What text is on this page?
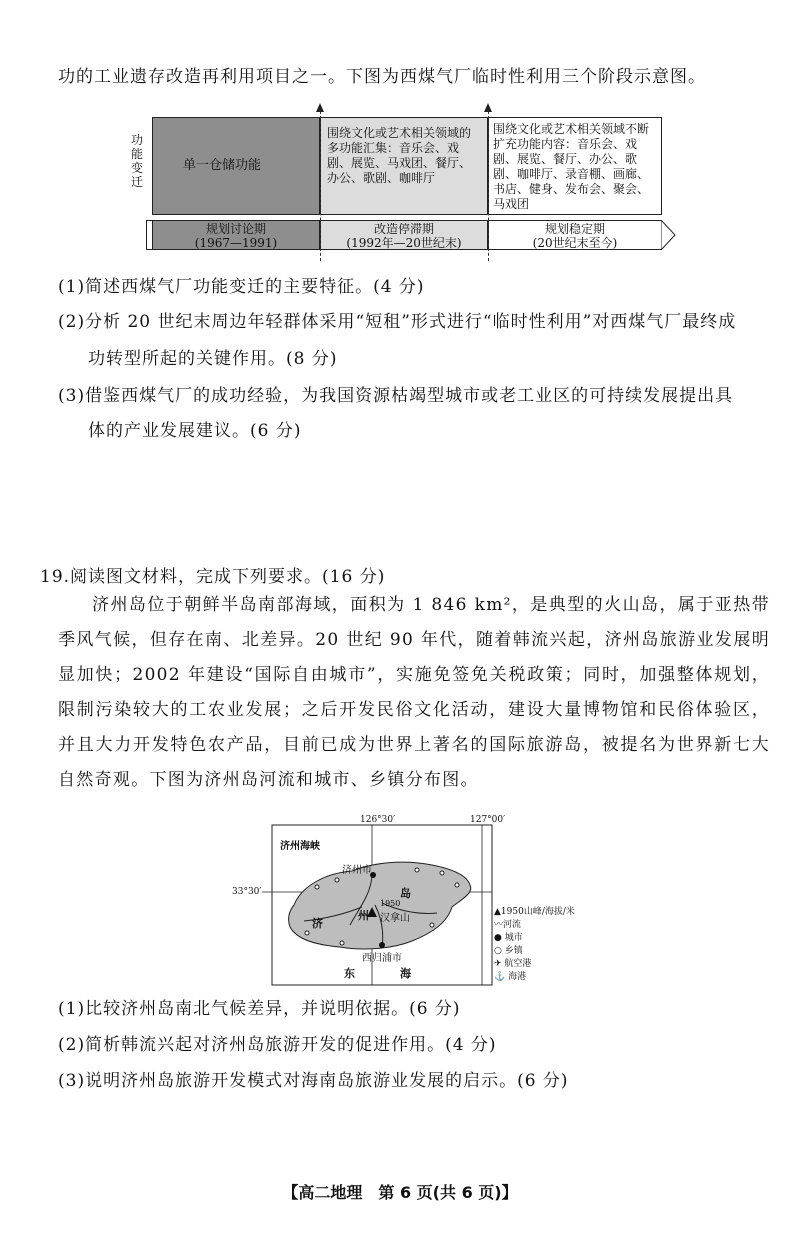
功的工业遗存改造再利用项目之一。下图为西煤气厂临时性利用三个阶段示意图。
功能变迁
单一仓储功能
围绕文化或艺术相关领域的多功能汇集：音乐会、戏剧、展览、马戏团、餐厅、办公、歌剧、咖啡厅
围绕文化或艺术相关领域不断扩充功能内容：音乐会、戏剧、展览、餐厅、办公、歌剧、咖啡厅、录音棚、画廊、书店、健身、发布会、聚会、马戏团
规划讨论期
(1967—1991)
改造停滞期
(1992年—20世纪末)
规划稳定期
(20世纪末至今)
(1)简述西煤气厂功能变迁的主要特征。(4 分)
(2)分析 20 世纪末周边年轻群体采用“短租”形式进行“临时性利用”对西煤气厂最终成
功转型所起的关键作用。(8 分)
(3)借鉴西煤气厂的成功经验，为我国资源枯竭型城市或老工业区的可持续发展提出具
体的产业发展建议。(6 分)
19.阅读图文材料，完成下列要求。(16 分)

济州岛位于朝鲜半岛南部海域，面积为 1 846 km²，是典型的火山岛，属于亚热带季风气候，但存在南、北差异。20 世纪 90 年代，随着韩流兴起，济州岛旅游业发展明显加快；2002 年建设“国际自由城市”，实施免签免关税政策；同时，加强整体规划，限制污染较大的工农业发展；之后开发民俗文化活动，建设大量博物馆和民俗体验区，并且大力开发特色农产品，目前已成为世界上著名的国际旅游岛，被提名为世界新七大自然奇观。下图为济州岛河流和城市、乡镇分布图。

126°30′	127°00′
33°30′
济州海峡
济州市
济
州
岛
1950
汉拿山
西归浦市
东	海
▲1950山峰/海拔/米
〰河流
● 城市
○ 乡镇
✈ 航空港
⚓ 海港
(1)比较济州岛南北气候差异，并说明依据。(6 分)
(2)简析韩流兴起对济州岛旅游开发的促进作用。(4 分)
(3)说明济州岛旅游开发模式对海南岛旅游业发展的启示。(6 分)
【高二地理　第 6 页(共 6 页)】
